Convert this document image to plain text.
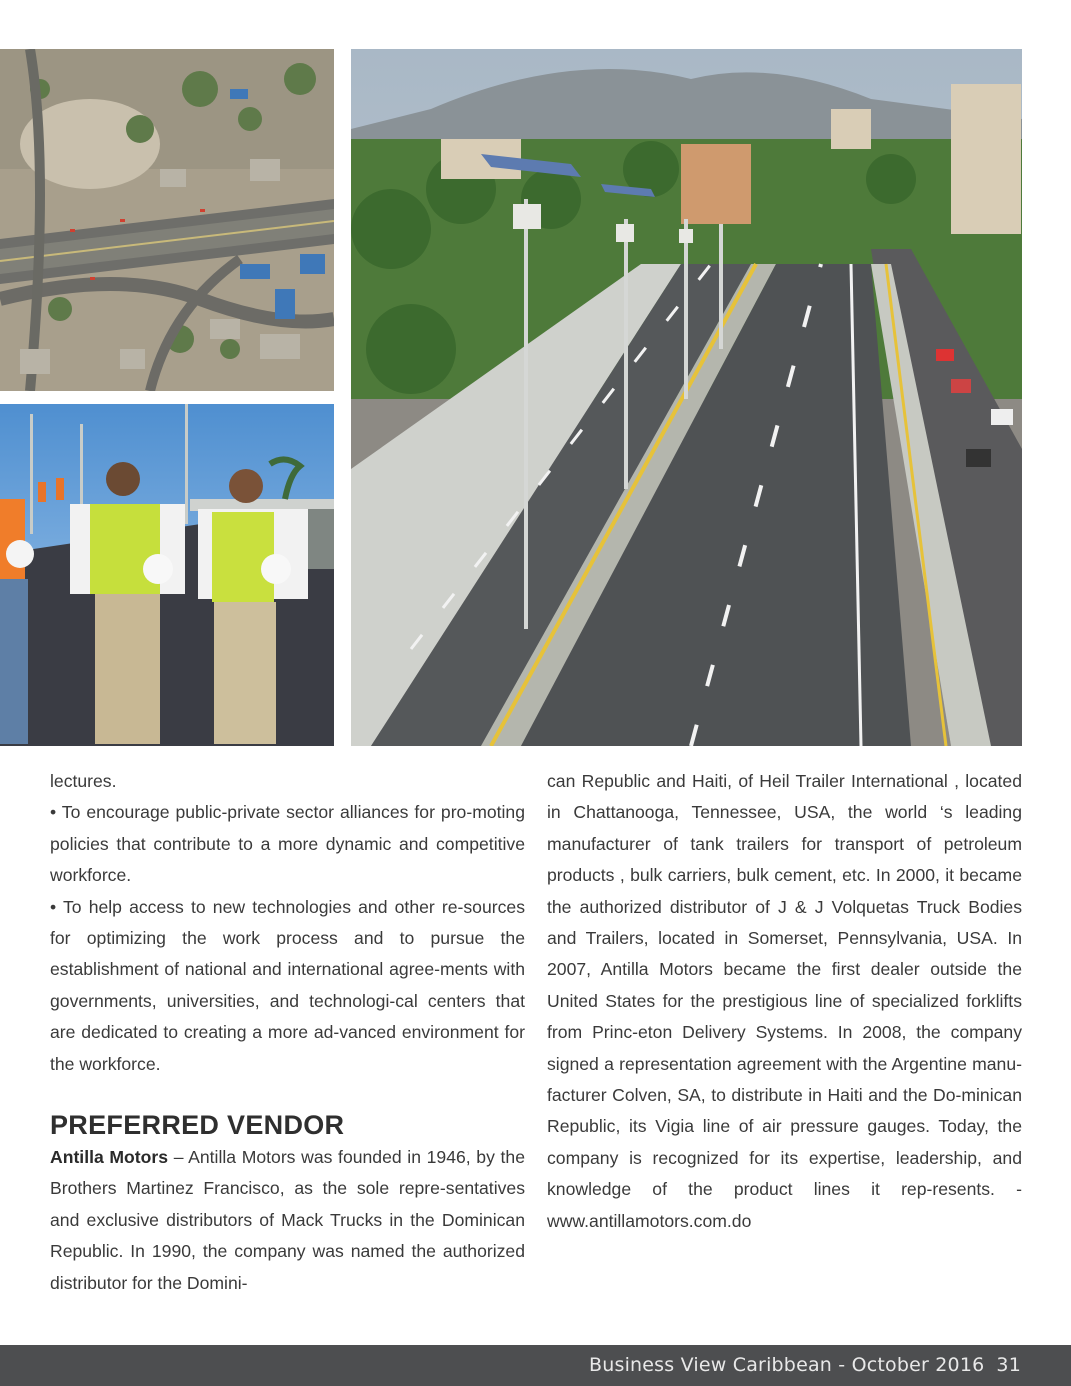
lectures.

• To encourage public-private sector alliances for pro-moting policies that contribute to a more dynamic and competitive workforce.

• To help access to new technologies and other re-sources for optimizing the work process and to pursue the establishment of national and international agree-ments with governments, universities, and technologi-cal centers that are dedicated to creating a more ad-vanced environment for the workforce.

PREFERRED VENDOR

Antilla Motors – Antilla Motors was founded in 1946, by the Brothers Martinez Francisco, as the sole repre-sentatives and exclusive distributors of Mack Trucks in the Dominican Republic. In 1990, the company was named the authorized distributor for the Domini-

can Republic and Haiti, of Heil Trailer International , located in Chattanooga, Tennessee, USA, the world ‘s leading manufacturer of tank trailers for transport of petroleum products , bulk carriers, bulk cement, etc. In 2000, it became the authorized distributor of J & J Volquetas Truck Bodies and Trailers, located in Somerset, Pennsylvania, USA. In 2007, Antilla Motors became the first dealer outside the United States for the prestigious line of specialized forklifts from Princ-eton Delivery Systems. In 2008, the company signed a representation agreement with the Argentine manu-facturer Colven, SA, to distribute in Haiti and the Do-minican Republic, its Vigia line of air pressure gauges. Today, the company is recognized for its expertise, leadership, and knowledge of the product lines it rep-resents. - www.antillamotors.com.do

Business View Caribbean - October 2016 31
